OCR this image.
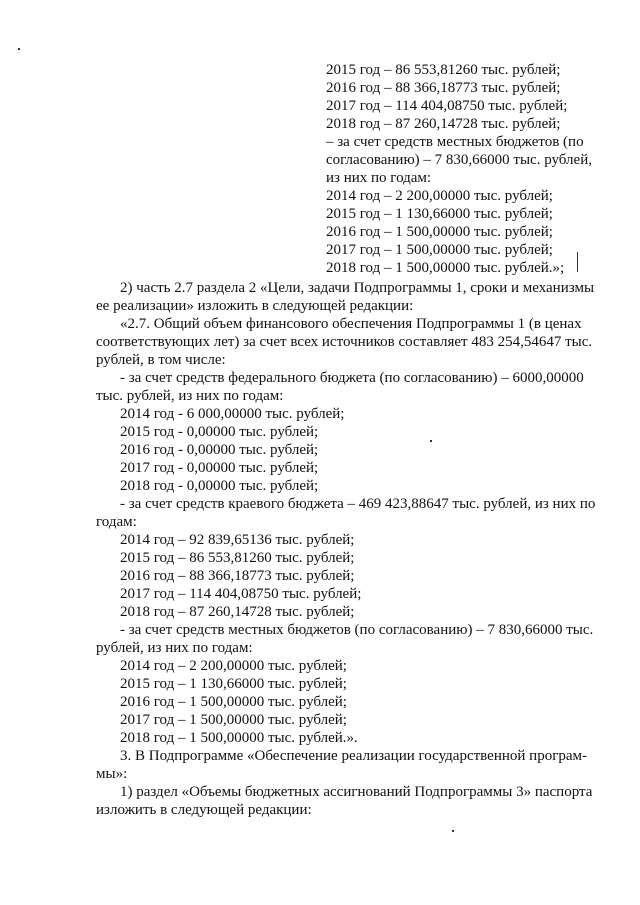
2015 год – 86 553,81260 тыс. рублей;
2016 год – 88 366,18773 тыс. рублей;
2017 год – 114 404,08750 тыс. рублей;
2018 год – 87 260,14728 тыс. рублей;
– за счет средств местных бюджетов (по
согласованию) – 7 830,66000 тыс. рублей,
из них по годам:
2014 год – 2 200,00000 тыс. рублей;
2015 год – 1 130,66000 тыс. рублей;
2016 год – 1 500,00000 тыс. рублей;
2017 год – 1 500,00000 тыс. рублей;
2018 год – 1 500,00000 тыс. рублей.»;
2) часть 2.7 раздела 2 «Цели, задачи Подпрограммы 1, сроки и механизмы
ее реализации» изложить в следующей редакции:
«2.7. Общий объем финансового обеспечения Подпрограммы 1 (в ценах
соответствующих лет) за счет всех источников составляет 483 254,54647 тыс.
рублей, в том числе:
- за счет средств федерального бюджета (по согласованию) – 6000,00000
тыс. рублей, из них по годам:
2014 год - 6 000,00000 тыс. рублей;
2015 год - 0,00000 тыс. рублей;
2016 год - 0,00000 тыс. рублей;
2017 год - 0,00000 тыс. рублей;
2018 год - 0,00000 тыс. рублей;
- за счет средств краевого бюджета – 469 423,88647 тыс. рублей, из них по
годам:
2014 год – 92 839,65136 тыс. рублей;
2015 год – 86 553,81260 тыс. рублей;
2016 год – 88 366,18773 тыс. рублей;
2017 год – 114 404,08750 тыс. рублей;
2018 год – 87 260,14728 тыс. рублей;
- за счет средств местных бюджетов (по согласованию) – 7 830,66000 тыс.
рублей, из них по годам:
2014 год – 2 200,00000 тыс. рублей;
2015 год – 1 130,66000 тыс. рублей;
2016 год – 1 500,00000 тыс. рублей;
2017 год – 1 500,00000 тыс. рублей;
2018 год – 1 500,00000 тыс. рублей.».
3. В Подпрограмме «Обеспечение реализации государственной програм-
мы»:
1) раздел «Объемы бюджетных ассигнований Подпрограммы 3» паспорта
изложить в следующей редакции:
